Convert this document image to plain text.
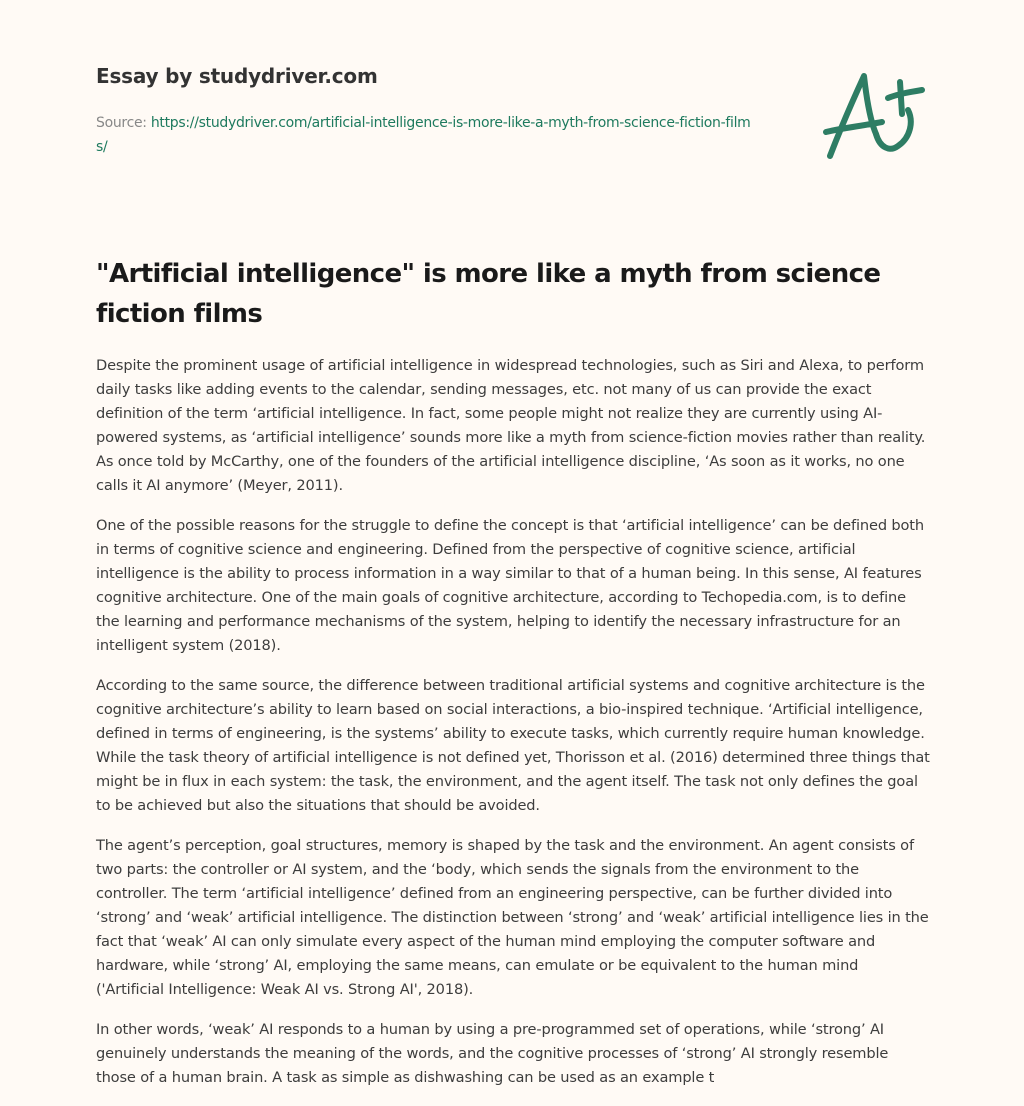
Essay by studydriver.com
Source: https://studydriver.com/artificial-intelligence-is-more-like-a-myth-from-science-fiction-films/
"Artificial intelligence" is more like a myth from science fiction films

Despite the prominent usage of artificial intelligence in widespread technologies, such as Siri and Alexa, to perform daily tasks like adding events to the calendar, sending messages, etc. not many of us can provide the exact definition of the term ‘artificial intelligence. In fact, some people might not realize they are currently using AI-powered systems, as ‘artificial intelligence’ sounds more like a myth from science-fiction movies rather than reality. As once told by McCarthy, one of the founders of the artificial intelligence discipline, ‘As soon as it works, no one calls it AI anymore’ (Meyer, 2011).

One of the possible reasons for the struggle to define the concept is that ‘artificial intelligence’ can be defined both in terms of cognitive science and engineering. Defined from the perspective of cognitive science, artificial intelligence is the ability to process information in a way similar to that of a human being. In this sense, AI features cognitive architecture. One of the main goals of cognitive architecture, according to Techopedia.com, is to define the learning and performance mechanisms of the system, helping to identify the necessary infrastructure for an intelligent system (2018).

According to the same source, the difference between traditional artificial systems and cognitive architecture is the cognitive architecture’s ability to learn based on social interactions, a bio-inspired technique. ‘Artificial intelligence, defined in terms of engineering, is the systems’ ability to execute tasks, which currently require human knowledge. While the task theory of artificial intelligence is not defined yet, Thorisson et al. (2016) determined three things that might be in flux in each system: the task, the environment, and the agent itself. The task not only defines the goal to be achieved but also the situations that should be avoided.

The agent’s perception, goal structures, memory is shaped by the task and the environment. An agent consists of two parts: the controller or AI system, and the ‘body, which sends the signals from the environment to the controller. The term ‘artificial intelligence’ defined from an engineering perspective, can be further divided into ‘strong’ and ‘weak’ artificial intelligence. The distinction between ‘strong’ and ‘weak’ artificial intelligence lies in the fact that ‘weak’ AI can only simulate every aspect of the human mind employing the computer software and hardware, while ‘strong’ AI, employing the same means, can emulate or be equivalent to the human mind ('Artificial Intelligence: Weak AI vs. Strong AI', 2018).

In other words, ‘weak’ AI responds to a human by using a pre-programmed set of operations, while ‘strong’ AI genuinely understands the meaning of the words, and the cognitive processes of ‘strong’ AI strongly resemble those of a human brain. A task as simple as dishwashing can be used as an example t
